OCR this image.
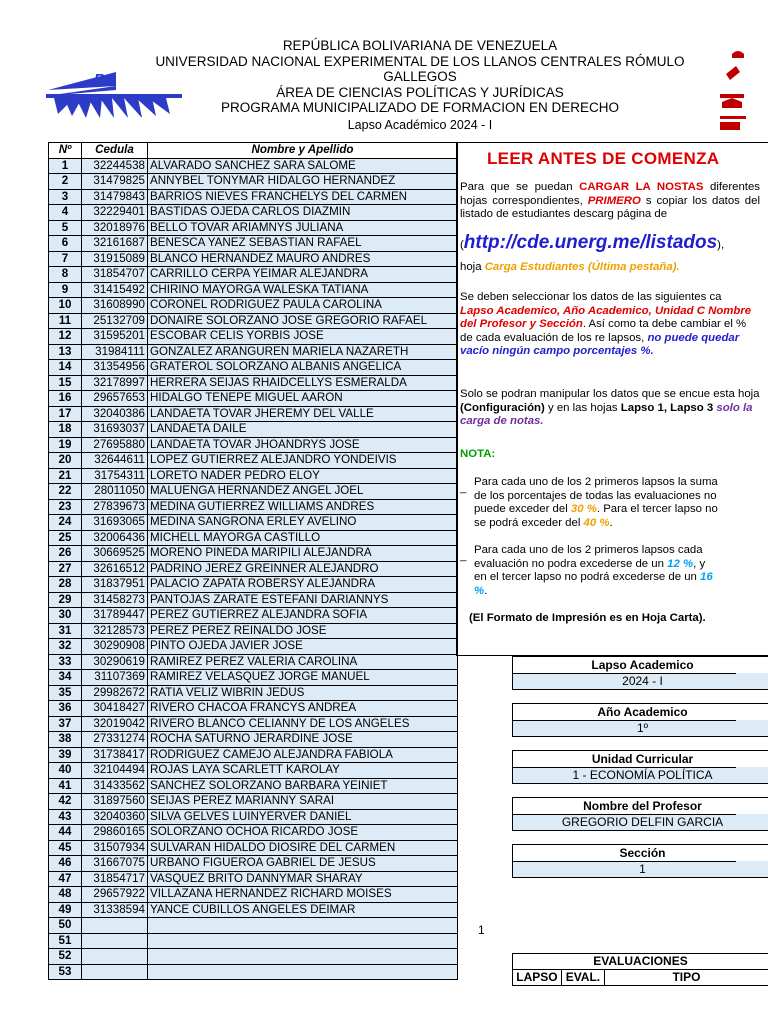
REPÚBLICA BOLIVARIANA DE VENEZUELA
UNIVERSIDAD NACIONAL EXPERIMENTAL DE LOS LLANOS CENTRALES RÓMULO GALLEGOS
ÁREA DE CIENCIAS POLÍTICAS Y JURÍDICAS
PROGRAMA MUNICIPALIZADO DE FORMACION EN DERECHO
Lapso Académico 2024 - I
RG
Nº	Cedula	Nombre y Apellido
1	32244538	ALVARADO SANCHEZ SARA SALOME
2	31479825	ANNYBEL TONYMAR HIDALGO HERNANDEZ
3	31479843	BARRIOS NIEVES FRANCHELYS DEL CARMEN
4	32229401	BASTIDAS OJEDA CARLOS DIAZMIN
5	32018976	BELLO TOVAR ARIAMNYS JULIANA
6	32161687	BENESCA YANEZ SEBASTIAN RAFAEL
7	31915089	BLANCO HERNANDEZ MAURO ANDRES
8	31854707	CARRILLO CERPA YEIMAR ALEJANDRA
9	31415492	CHIRINO MAYORGA WALESKA TATIANA
10	31608990	CORONEL RODRIGUEZ PAULA CAROLINA
11	25132709	DONAIRE SOLORZANO JOSE GREGORIO RAFAEL
12	31595201	ESCOBAR CELIS YORBIS JOSE
13	31984111	GONZALEZ ARANGUREN MARIELA NAZARETH
14	31354956	GRATEROL SOLORZANO ALBANIS ANGELICA
15	32178997	HERRERA SEIJAS RHAIDCELLYS ESMERALDA
16	29657653	HIDALGO TENEPE MIGUEL AARON
17	32040386	LANDAETA TOVAR JHEREMY DEL VALLE
18	31693037	LANDAETA DAILE
19	27695880	LANDAETA TOVAR JHOANDRYS JOSE
20	32644611	LOPEZ GUTIERREZ ALEJANDRO YONDEIVIS
21	31754311	LORETO NADER PEDRO ELOY
22	28011050	MALUENGA HERNANDEZ ANGEL JOEL
23	27839673	MEDINA GUTIERREZ WILLIAMS ANDRES
24	31693065	MEDINA SANGRONA ERLEY AVELINO
25	32006436	MICHELL MAYORGA CASTILLO
26	30669525	MORENO PINEDA MARIPILI ALEJANDRA
27	32616512	PADRINO JEREZ GREINNER ALEJANDRO
28	31837951	PALACIO ZAPATA ROBERSY ALEJANDRA
29	31458273	PANTOJAS ZARATE ESTEFANI DARIANNYS
30	31789447	PEREZ GUTIERREZ ALEJANDRA SOFIA
31	32128573	PEREZ PEREZ REINALDO JOSE
32	30290908	PINTO OJEDA JAVIER JOSE
33	30290619	RAMIREZ PEREZ VALERIA CAROLINA
34	31107369	RAMIREZ VELASQUEZ JORGE MANUEL
35	29982672	RATIA VELIZ WIBRIN JEDUS
36	30418427	RIVERO CHACOA FRANCYS ANDREA
37	32019042	RIVERO BLANCO CELIANNY DE LOS ANGELES
38	27331274	ROCHA SATURNO JERARDINE JOSE
39	31738417	RODRIGUEZ CAMEJO ALEJANDRA FABIOLA
40	32104494	ROJAS LAYA SCARLETT KAROLAY
41	31433562	SANCHEZ SOLORZANO BARBARA YEINIET
42	31897560	SEIJAS PEREZ MARIANNY SARAI
43	32040360	SILVA GELVES LUINYERVER DANIEL
44	29860165	SOLORZANO OCHOA RICARDO JOSE
45	31507934	SULVARAN HIDALDO DIOSIRE DEL CARMEN
46	31667075	URBANO FIGUEROA GABRIEL DE JESUS
47	31854717	VASQUEZ BRITO DANNYMAR SHARAY
48	29657922	VILLAZANA HERNANDEZ RICHARD MOISES
49	31338594	YANCE CUBILLOS ANGELES DEIMAR
50		
51		
52		
53		
LEER ANTES DE COMENZA

Para que se puedan CARGAR LA NOSTAS diferentes hojas correspondientes, PRIMERO s copiar los datos del listado de estudiantes descarg página de

(http://cde.unerg.me/listados),

hoja Carga Estudiantes (Última pestaña).

Se deben seleccionar los datos de las siguientes ca
Lapso Academico, Año Academico, Unidad C Nombre del Profesor y Sección. Así como ta debe cambiar el % de cada evaluación de los re lapsos, no puede quedar vacío ningún campo porcentajes %.

Solo se podran manipular los datos que se encue esta hoja (Configuración) y en las hojas Lapso 1, Lapso 3 solo la carga de notas.

NOTA:

_ Para cada uno de los 2 primeros lapsos la suma de los porcentajes de todas las evaluaciones no puede exceder del 30 %. Para el tercer lapso no se podrá exceder del 40 %.

_ Para cada uno de los 2 primeros lapsos cada evaluación no podra excederse de un 12 %, y en el tercer lapso no podrá excederse de un 16 %.

(El Formato de Impresión es en Hoja Carta).

Lapso Academico
2024 - I
Año Academico
1º
Unidad Curricular
1 - ECONOMÍA POLÍTICA
Nombre del Profesor
GREGORIO DELFIN GARCIA
Sección
1
1
EVALUACIONES
LAPSO	EVAL.	TIPO
